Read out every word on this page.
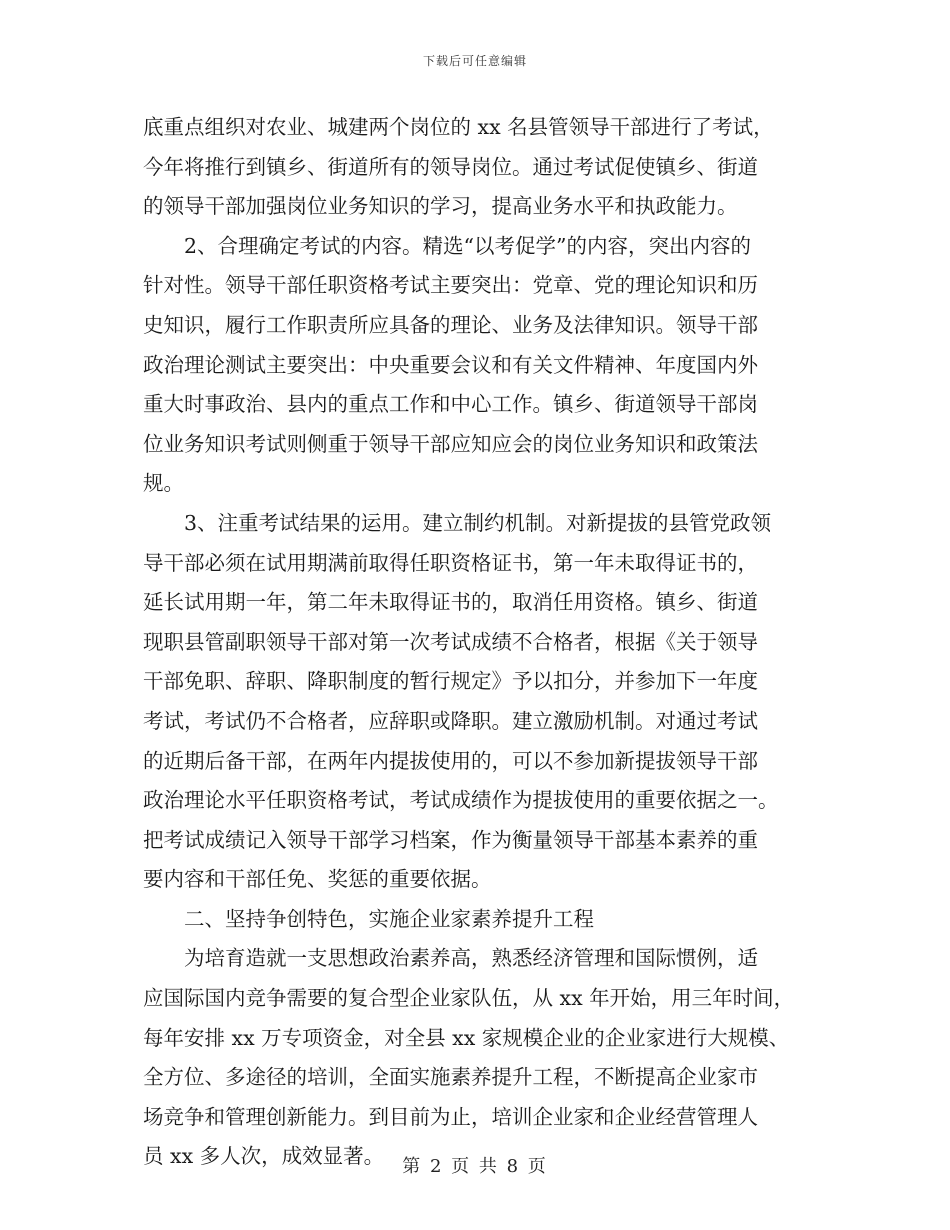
下载后可任意编辑
底重点组织对农业、城建两个岗位的 xx 名县管领导干部进行了考试，
今年将推行到镇乡、街道所有的领导岗位。通过考试促使镇乡、街道
的领导干部加强岗位业务知识的学习，提高业务水平和执政能力。
2、合理确定考试的内容。精选“以考促学”的内容，突出内容的
针对性。领导干部任职资格考试主要突出：党章、党的理论知识和历
史知识，履行工作职责所应具备的理论、业务及法律知识。领导干部
政治理论测试主要突出：中央重要会议和有关文件精神、年度国内外
重大时事政治、县内的重点工作和中心工作。镇乡、街道领导干部岗
位业务知识考试则侧重于领导干部应知应会的岗位业务知识和政策法
规。
3、注重考试结果的运用。建立制约机制。对新提拔的县管党政领
导干部必须在试用期满前取得任职资格证书，第一年未取得证书的，
延长试用期一年，第二年未取得证书的，取消任用资格。镇乡、街道
现职县管副职领导干部对第一次考试成绩不合格者，根据《关于领导
干部免职、辞职、降职制度的暂行规定》予以扣分，并参加下一年度
考试，考试仍不合格者，应辞职或降职。建立激励机制。对通过考试
的近期后备干部，在两年内提拔使用的，可以不参加新提拔领导干部
政治理论水平任职资格考试，考试成绩作为提拔使用的重要依据之一。
把考试成绩记入领导干部学习档案，作为衡量领导干部基本素养的重
要内容和干部任免、奖惩的重要依据。
二、坚持争创特色，实施企业家素养提升工程
为培育造就一支思想政治素养高，熟悉经济管理和国际惯例，适
应国际国内竞争需要的复合型企业家队伍，从 xx 年开始，用三年时间，
每年安排 xx 万专项资金，对全县 xx 家规模企业的企业家进行大规模、
全方位、多途径的培训，全面实施素养提升工程，不断提高企业家市
场竞争和管理创新能力。到目前为止，培训企业家和企业经营管理人
员 xx 多人次，成效显著。	第 2 页 共 8 页
